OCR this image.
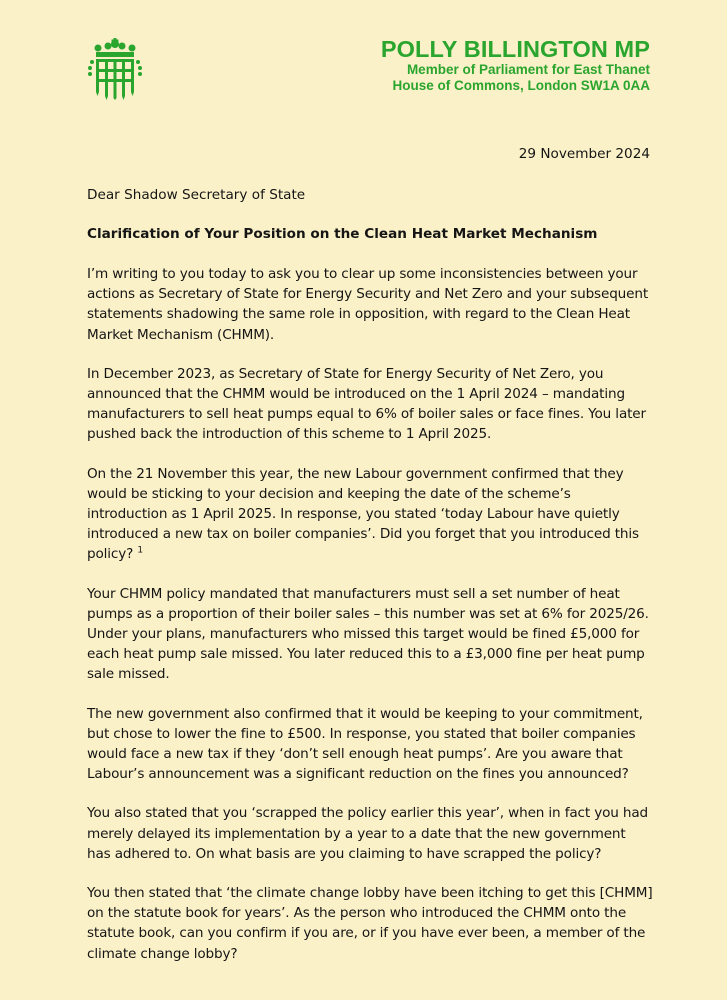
POLLY BILLINGTON MP
Member of Parliament for East Thanet
House of Commons, London SW1A 0AA
29 November 2024
Dear Shadow Secretary of State
Clarification of Your Position on the Clean Heat Market Mechanism

I’m writing to you today to ask you to clear up some inconsistencies between your actions as Secretary of State for Energy Security and Net Zero and your subsequent statements shadowing the same role in opposition, with regard to the Clean Heat Market Mechanism (CHMM).

In December 2023, as Secretary of State for Energy Security of Net Zero, you announced that the CHMM would be introduced on the 1 April 2024 – mandating manufacturers to sell heat pumps equal to 6% of boiler sales or face fines. You later pushed back the introduction of this scheme to 1 April 2025.

On the 21 November this year, the new Labour government confirmed that they would be sticking to your decision and keeping the date of the scheme’s introduction as 1 April 2025. In response, you stated ‘today Labour have quietly introduced a new tax on boiler companies’. Did you forget that you introduced this policy? $^1$

Your CHMM policy mandated that manufacturers must sell a set number of heat pumps as a proportion of their boiler sales – this number was set at 6% for 2025/26. Under your plans, manufacturers who missed this target would be fined £5,000 for each heat pump sale missed. You later reduced this to a £3,000 fine per heat pump sale missed.

The new government also confirmed that it would be keeping to your commitment, but chose to lower the fine to £500. In response, you stated that boiler companies would face a new tax if they ‘don’t sell enough heat pumps’. Are you aware that Labour’s announcement was a significant reduction on the fines you announced?

You also stated that you ‘scrapped the policy earlier this year’, when in fact you had merely delayed its implementation by a year to a date that the new government has adhered to. On what basis are you claiming to have scrapped the policy?

You then stated that ‘the climate change lobby have been itching to get this [CHMM] on the statute book for years’. As the person who introduced the CHMM onto the statute book, can you confirm if you are, or if you have ever been, a member of the climate change lobby?
